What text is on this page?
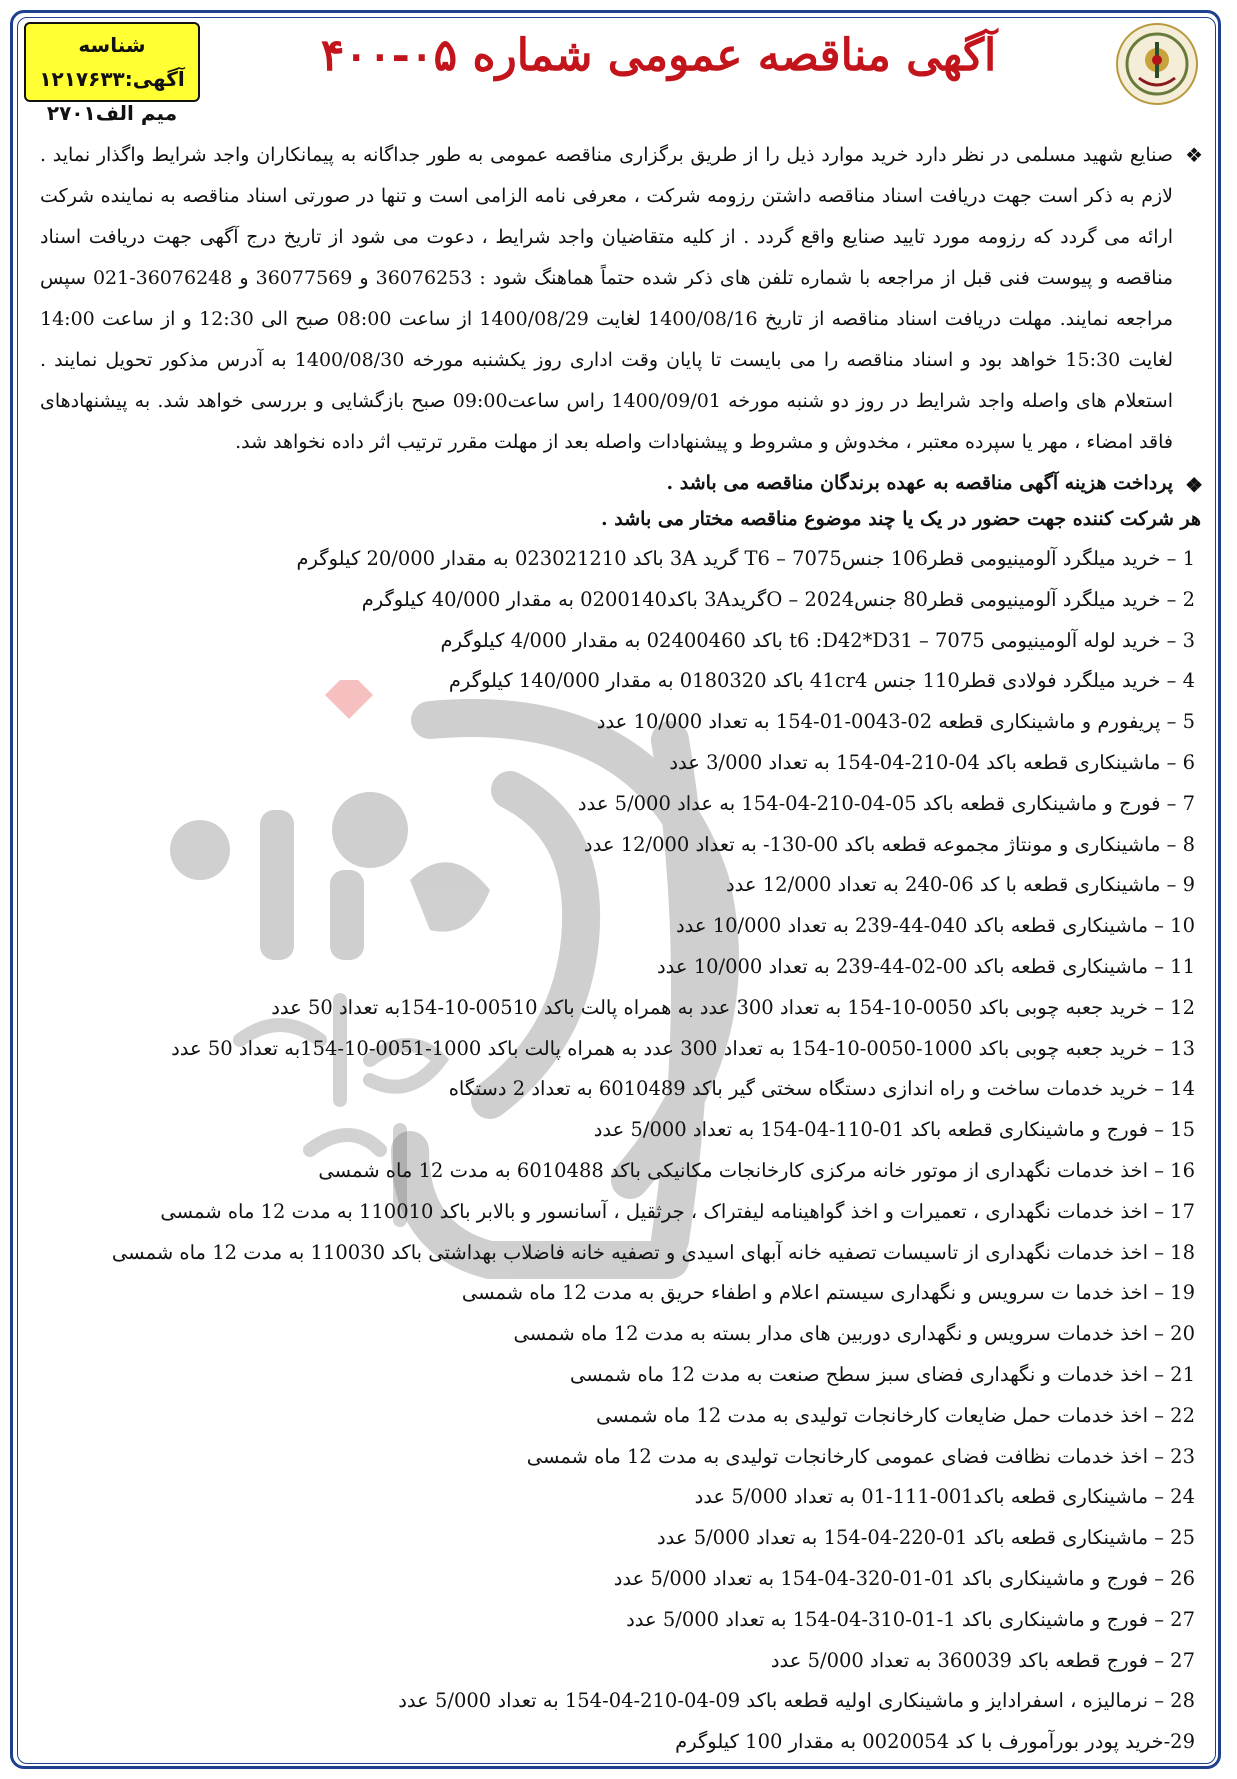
شناسه آگهی:۱۲۱۷۶۳۳
میم الف۲۷۰۱
آگهی مناقصه عمومی شماره ۰۵-۴۰۰
❖
صنایع شهید مسلمی در نظر دارد خرید موارد ذیل را از طریق برگزاری مناقصه عمومی به طور جداگانه به پیمانکاران واجد شرایط واگذار نماید . لازم به ذکر است جهت دریافت اسناد مناقصه داشتن رزومه شرکت ، معرفی نامه الزامی است و تنها در صورتی اسناد مناقصه به نماینده شرکت ارائه می گردد که رزومه مورد تایید صنایع واقع گردد . از کلیه متقاضیان واجد شرایط ، دعوت می شود از تاریخ درج آگهی جهت دریافت اسناد مناقصه و پیوست فنی قبل از مراجعه با شماره تلفن های ذکر شده حتماً هماهنگ شود : 36076253 و 36077569 و 36076248-021 سپس مراجعه نمایند. مهلت دریافت اسناد مناقصه از تاریخ 1400/08/16 لغایت 1400/08/29 از ساعت 08:00 صبح الی 12:30 و از ساعت 14:00 لغایت 15:30 خواهد بود و اسناد مناقصه را می بایست تا پایان وقت اداری روز یکشنبه مورخه 1400/08/30 به آدرس مذکور تحویل نمایند . استعلام های واصله واجد شرایط در روز دو شنبه مورخه 1400/09/01 راس ساعت09:00 صبح بازگشایی و بررسی خواهد شد. به پیشنهادهای فاقد امضاء ، مهر یا سپرده معتبر ، مخدوش و مشروط و پیشنهادات واصله بعد از مهلت مقرر ترتیب اثر داده نخواهد شد.
❖
پرداخت هزینه آگهی مناقصه به عهده برندگان مناقصه می باشد .
هر شرکت کننده جهت حضور در یک یا چند موضوع مناقصه مختار می باشد .
1 – خرید میلگرد آلومینیومی قطر106 جنس7075 – T6 گرید 3A باکد 023021210 به مقدار 20/000 کیلوگرم
2 – خرید میلگرد آلومینیومی قطر80 جنس2024 – Oگرید3A باکد0200140 به مقدار 40/000 کیلوگرم
3 – خرید لوله آلومینیومی 7075 – t6 :D42*D31 باکد 02400460 به مقدار 4/000 کیلوگرم
4 – خرید میلگرد فولادی قطر110 جنس 41cr4 باکد 0180320 به مقدار 140/000 کیلوگرم
5 – پریفورم و ماشینکاری قطعه 02-0043-01-154 به تعداد 10/000 عدد
6 – ماشینکاری قطعه باکد 04-210-04-154 به تعداد 3/000 عدد
7 – فورج و ماشینکاری قطعه باکد 05-04-210-04-154 به عداد 5/000 عدد
8 – ماشینکاری و مونتاژ مجموعه قطعه باکد 00-130- به تعداد 12/000 عدد
9 – ماشینکاری قطعه با کد 06-240 به تعداد 12/000 عدد
10 – ماشینکاری قطعه باکد 040-44-239 به تعداد 10/000 عدد
11 – ماشینکاری قطعه باکد 00-02-44-239 به تعداد 10/000 عدد
12 – خرید جعبه چوبی باکد 0050-10-154 به تعداد 300 عدد به همراه پالت باکد 00510-10-154به تعداد 50 عدد
13 – خرید جعبه چوبی باکد 1000-0050-10-154 به تعداد 300 عدد به همراه پالت باکد 1000-0051-10-154به تعداد 50 عدد
14 – خرید خدمات ساخت و راه اندازی دستگاه سختی گیر باکد 6010489 به تعداد 2 دستگاه
15 – فورج و ماشینکاری قطعه باکد 01-110-04-154 به تعداد 5/000 عدد
16 – اخذ خدمات نگهداری از موتور خانه مرکزی کارخانجات مکانیکی باکد 6010488 به مدت 12 ماه شمسی
17 – اخذ خدمات نگهداری ، تعمیرات و اخذ گواهینامه لیفتراک ، جرثقیل ، آسانسور و بالابر باکد 110010 به مدت 12 ماه شمسی
18 – اخذ خدمات نگهداری از تاسیسات تصفیه خانه آبهای اسیدی و تصفیه خانه فاضلاب بهداشتی باکد 110030 به مدت 12 ماه شمسی
19 – اخذ خدما ت سرویس و نگهداری سیستم اعلام و اطفاء حریق به مدت 12 ماه شمسی
20 – اخذ خدمات سرویس و نگهداری دوربین های مدار بسته به مدت 12 ماه شمسی
21 – اخذ خدمات و نگهداری فضای سبز سطح صنعت به مدت 12 ماه شمسی
22 – اخذ خدمات حمل ضایعات کارخانجات تولیدی به مدت 12 ماه شمسی
23 – اخذ خدمات نظافت فضای عمومی کارخانجات تولیدی به مدت 12 ماه شمسی
24 – ماشینکاری قطعه باکد001-111-01 به تعداد 5/000 عدد
25 – ماشینکاری قطعه باکد 01-220-04-154 به تعداد 5/000 عدد
26 – فورج و ماشینکاری باکد 01-01-320-04-154 به تعداد 5/000 عدد
27 – فورج و ماشینکاری باکد 1-01-310-04-154 به تعداد 5/000 عدد
27 – فورج قطعه باکد 360039 به تعداد 5/000 عدد
28 – نرمالیزه ، اسفرادایز و ماشینکاری اولیه قطعه باکد 09-04-210-04-154 به تعداد 5/000 عدد
29-خرید پودر بورآمورف با کد 0020054 به مقدار 100 کیلوگرم
